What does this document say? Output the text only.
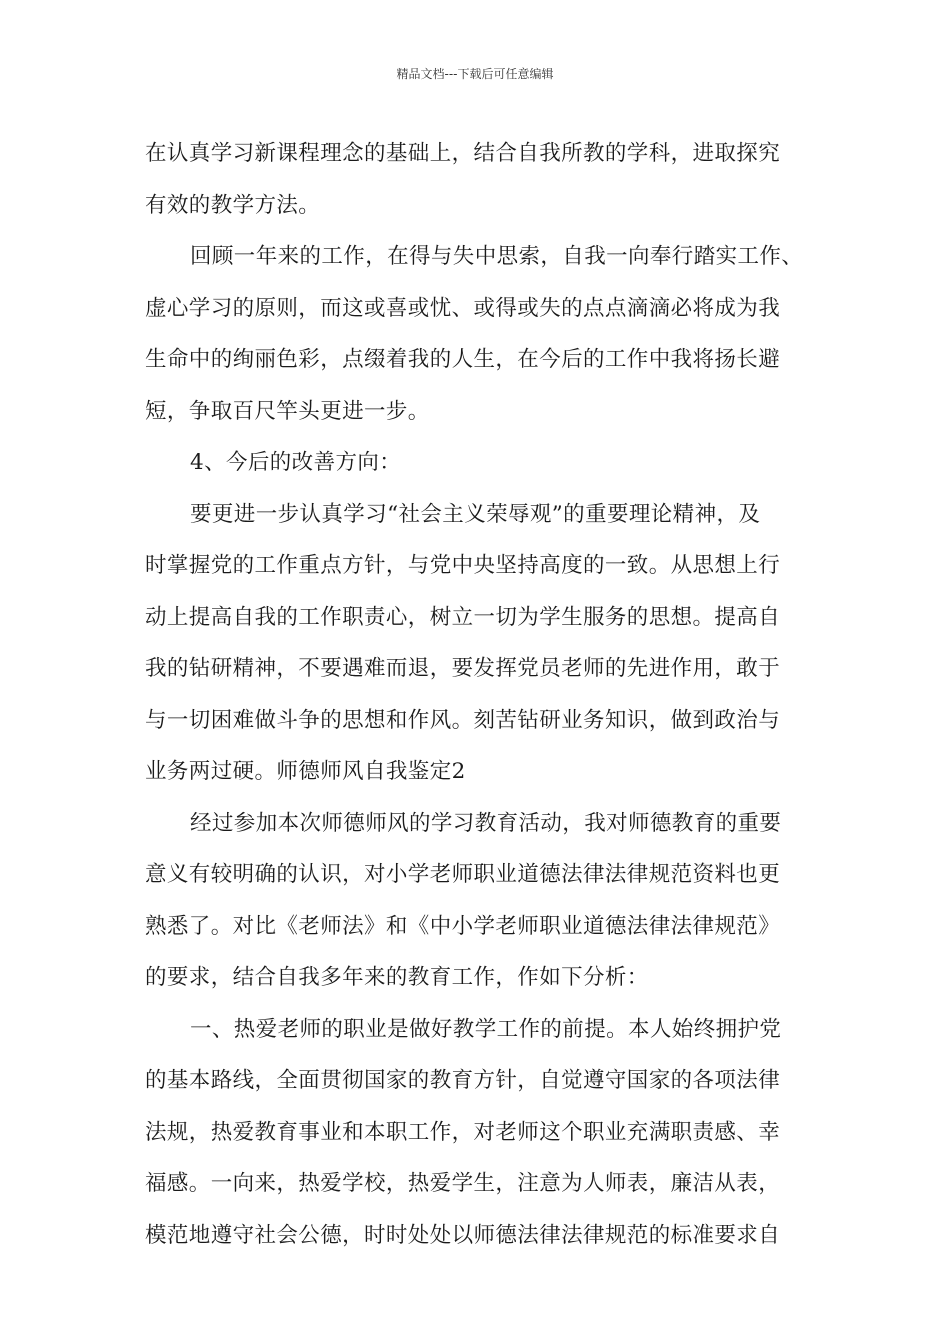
精品文档---下载后可任意编辑
在认真学习新课程理念的基础上，结合自我所教的学科，进取探究
有效的教学方法。
回顾一年来的工作，在得与失中思索，自我一向奉行踏实工作、
虚心学习的原则，而这或喜或忧、或得或失的点点滴滴必将成为我
生命中的绚丽色彩，点缀着我的人生，在今后的工作中我将扬长避
短，争取百尺竿头更进一步。
4、今后的改善方向：
要更进一步认真学习“社会主义荣辱观”的重要理论精神，及
时掌握党的工作重点方针，与党中央坚持高度的一致。从思想上行
动上提高自我的工作职责心，树立一切为学生服务的思想。提高自
我的钻研精神，不要遇难而退，要发挥党员老师的先进作用，敢于
与一切困难做斗争的思想和作风。刻苦钻研业务知识，做到政治与
业务两过硬。师德师风自我鉴定2
经过参加本次师德师风的学习教育活动，我对师德教育的重要
意义有较明确的认识，对小学老师职业道德法律法律规范资料也更
熟悉了。对比《老师法》和《中小学老师职业道德法律法律规范》
的要求，结合自我多年来的教育工作，作如下分析：
一、热爱老师的职业是做好教学工作的前提。本人始终拥护党
的基本路线，全面贯彻国家的教育方针，自觉遵守国家的各项法律
法规，热爱教育事业和本职工作，对老师这个职业充满职责感、幸
福感。一向来，热爱学校，热爱学生，注意为人师表，廉洁从表，
模范地遵守社会公德，时时处处以师德法律法律规范的标准要求自
